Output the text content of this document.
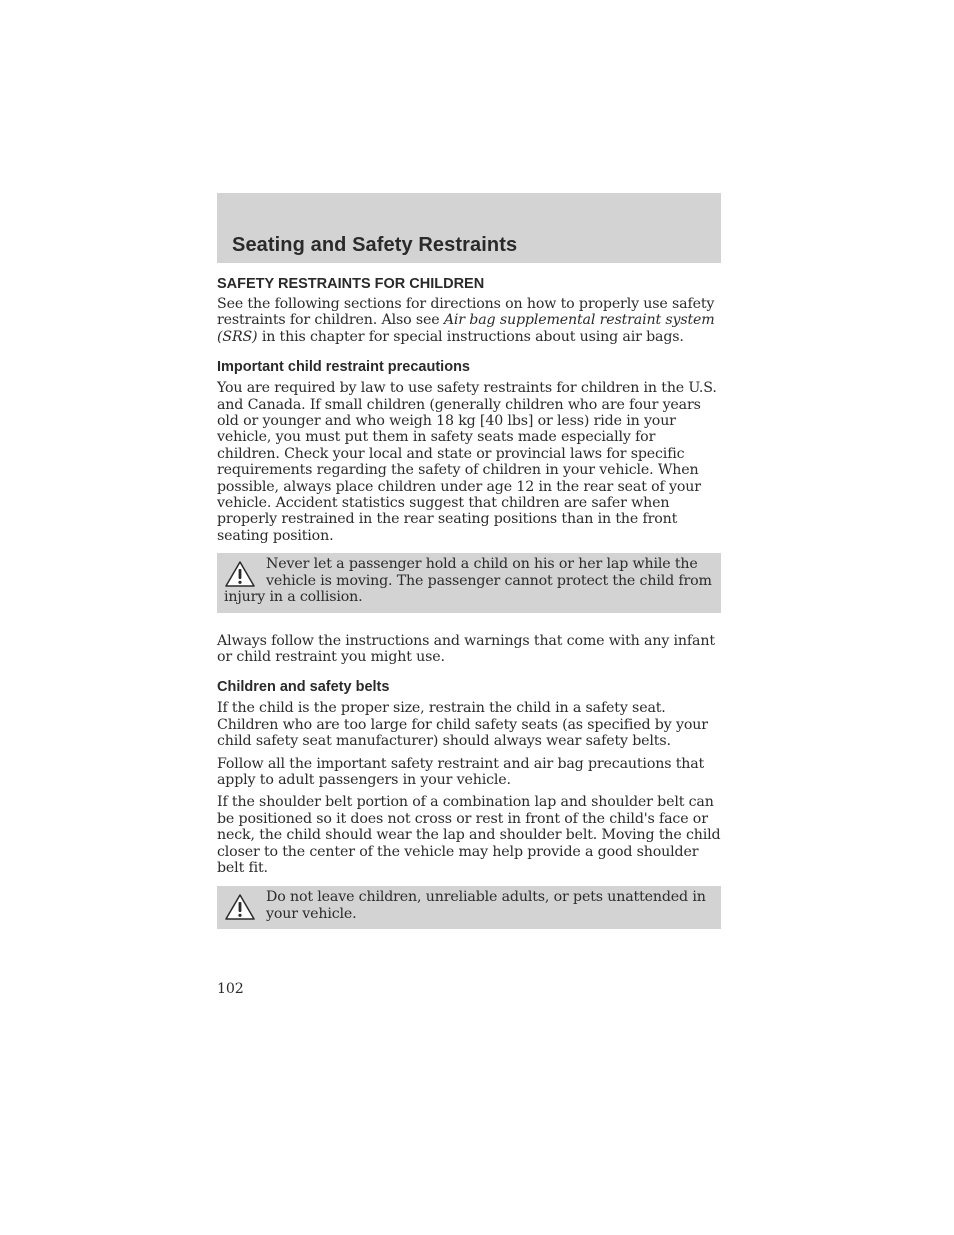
Seating and Safety Restraints
SAFETY RESTRAINTS FOR CHILDREN

See the following sections for directions on how to properly use safety restraints for children. Also see Air bag supplemental restraint system (SRS) in this chapter for special instructions about using air bags.

Important child restraint precautions

You are required by law to use safety restraints for children in the U.S. and Canada. If small children (generally children who are four years old or younger and who weigh 18 kg [40 lbs] or less) ride in your vehicle, you must put them in safety seats made especially for children. Check your local and state or provincial laws for specific requirements regarding the safety of children in your vehicle. When possible, always place children under age 12 in the rear seat of your vehicle. Accident statistics suggest that children are safer when properly restrained in the rear seating positions than in the front seating position.

Never let a passenger hold a child on his or her lap while the vehicle is moving. The passenger cannot protect the child from injury in a collision.

Always follow the instructions and warnings that come with any infant or child restraint you might use.

Children and safety belts

If the child is the proper size, restrain the child in a safety seat. Children who are too large for child safety seats (as specified by your child safety seat manufacturer) should always wear safety belts.

Follow all the important safety restraint and air bag precautions that apply to adult passengers in your vehicle.

If the shoulder belt portion of a combination lap and shoulder belt can be positioned so it does not cross or rest in front of the child's face or neck, the child should wear the lap and shoulder belt. Moving the child closer to the center of the vehicle may help provide a good shoulder belt fit.

Do not leave children, unreliable adults, or pets unattended in your vehicle.

102
